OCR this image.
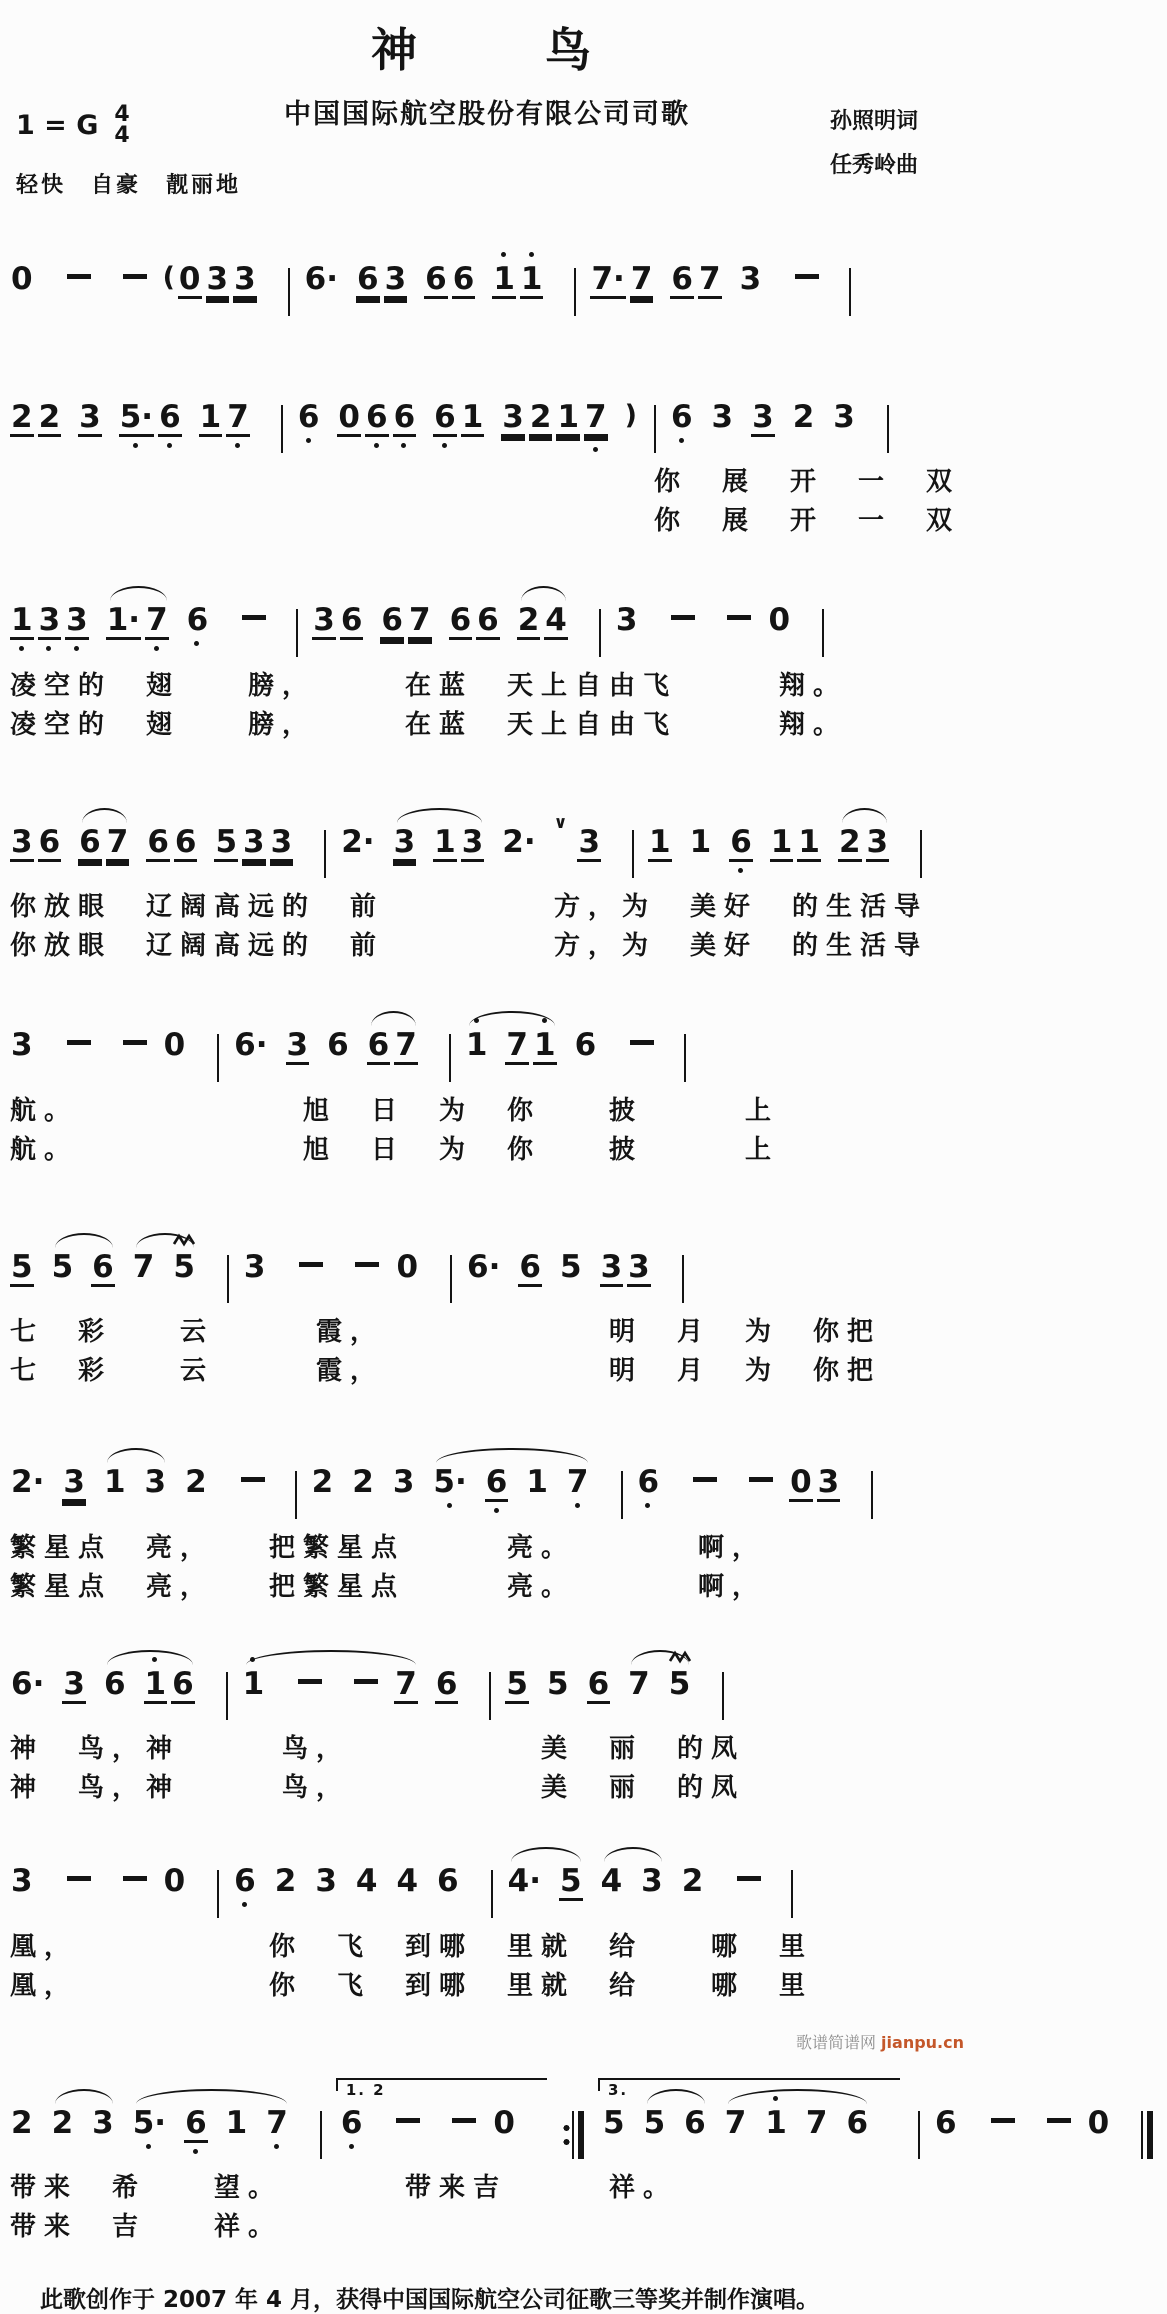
神　　鸟
中国国际航空股份有限公司司歌
1 = G 4
4
轻快　自豪　靓丽地
孙照明词
任秀岭曲
0	( 0 3 3 6· 6 3 6 6 1 1 7· 7 6 7 3
2 2 3 5· 6 1 7 6 0 6 6 6 1 3 2 1 7 ) 6 3 3 2 3
你　展　开　一　双
你　展　开　一　双
1 3 3 1· 7 6	3 6 6 7 6 6 2 4 3	0
凌空的　翅　　膀，　　　在蓝　天上自由飞　　　翔。
凌空的　翅　　膀，　　　在蓝　天上自由飞　　　翔。
3 6 6 7 6 6 5 3 3 2· 3 1 3 2·∨3 1 1 6 1 1 2 3
你放眼　辽阔高远的　前　　　　　方，为　美好　的生活导
你放眼　辽阔高远的　前　　　　　方，为　美好　的生活导
3	0 6· 3 6 6 7 1 7 1 6
航。　　　　　　　旭　日　为　你　　披　　　上
航。　　　　　　　旭　日　为　你　　披　　　上
5 5 6 7 5 3	0 6· 6 5 3 3
七　彩　　云　　　霞，　　　　　　　明　月　为　你把
七　彩　　云　　　霞，　　　　　　　明　月　为　你把
2· 3 1 3 2	2 2 3 5· 6 1 7 6	0 3
繁星点　亮，　　把繁星点　　　亮。　　　　啊，
繁星点　亮，　　把繁星点　　　亮。　　　　啊，
6· 3 6 1 6 1	7 6 5 5 6 7 5
神　鸟，神　　　鸟，　　　　　　美　丽　的凤
神　鸟，神　　　鸟，　　　　　　美　丽　的凤
3	0 6 2 3 4 4 6 4· 5 4 3 2
凰，　　　　　　你　飞　到哪　里就　给　　哪　里
凰，　　　　　　你　飞　到哪　里就　给　　哪　里
2 2 3 5· 6 1 7
1. 2
6	0
3.
5 5 6 7 1 7 6 6	0
带来　希　　望。　　　　带来吉　　　祥。
带来　吉　　祥。
此歌创作于 2007 年 4 月，获得中国国际航空公司征歌三等奖并制作演唱。
歌谱简谱网 jianpu.cn
